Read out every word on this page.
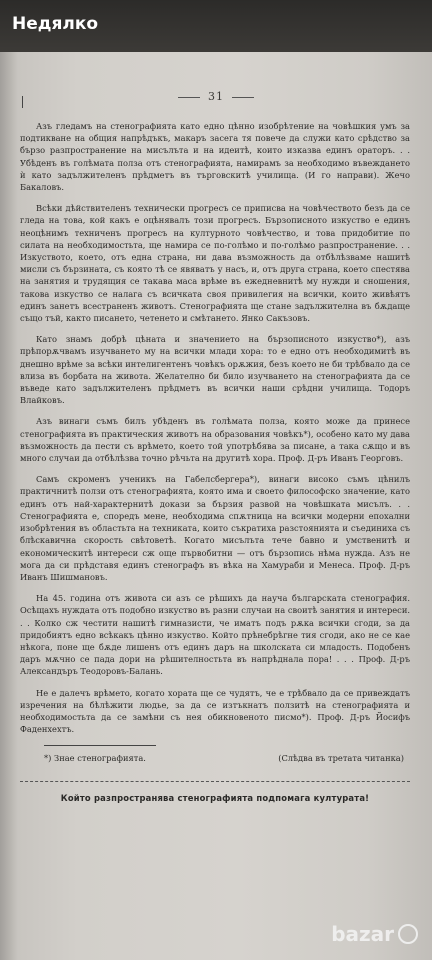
Недялко
31

Азъ гледамъ на стенографията като едно цѣнно изобрѣтение на човѣшкия умъ за подтикване на общия напрѣдъкъ, макаръ засега тя повече да служи като срѣдство за бързо разпространение на мисълъта и на идеитѣ, които изказва единъ ораторъ. . . Убѣденъ въ голѣмата полза отъ стенографията, намирамъ за необходимо въвеждането ѝ като задължителенъ прѣдметъ въ търговскитѣ училища. (И го направи). Жечо Бакаловъ.

Всѣки дѣйствителенъ технически прогресъ се приписва на човѣчеството безъ да се гледа на това, кой какъ е оцѣнявалъ този прогресъ. Бързописното изкуство е единъ неоцѣнимъ техниченъ прогресъ на културното човѣчество, и това придобитие по силата на необходимостьта, ще намира се по-голѣмо и по-голѣмо разпространение. . . Изкуството, което, отъ една страна, ни дава възможность да отбѣлѣзваме нашитѣ мисли съ бързината, съ която тѣ се явяватъ у насъ, и, отъ друга страна, което спестява на занятия и трудящия се такава маса врѣме въ ежедневнитѣ му нужди и сношения, такова изкуство се налага съ всичката своя привилегия на всички, които живѣятъ единъ занетъ всестраненъ животъ. Стенографията ще стане задължителна въ бѫдаще също тъй, както писането, четенето и смѣтането. Янко Сакъзовъ.

Като знамъ добрѣ цѣната и значението на бързописното изкуство*), азъ прѣпорѫчвамъ изучването му на всички млади хора: то е едно отъ необходимитѣ въ днешно врѣме за всѣки интелигентенъ човѣкъ орѫжия, безъ което не би трѣбвало да се влиза въ борбата на живота. Желателно би било изучването на стенографията да се въведе като задължителенъ прѣдметъ въ всички наши срѣдни училища. Тодоръ Влайковъ.

Азъ винаги съмъ билъ убѣденъ въ голѣмата полза, която може да принесе стенографията въ практическия животъ на образования човѣкъ*), особено като му дава възможность да пести съ врѣмето, което той употрѣбява за писане, а така сѫщо и въ много случаи да отбѣлѣзва точно рѣчьта на другитѣ хора. Проф. Д-ръ Иванъ Георговъ.

Самъ скроменъ ученикъ на Габелсбергера*), винаги високо съмъ цѣнилъ практичнитѣ ползи отъ стенографията, която има и своето философско значение, като единъ отъ най-характернитѣ докази за бързия развой на човѣшката мисълъ. . . Стенографията е, споредъ мене, необходима спѫтница на всички модерни епохални изобрѣтения въ областьта на техниката, които съкратиха разстоянията и съединиха съ блѣскавична скорость свѣтоветѣ. Когато мисълъта тече бавно и умственитѣ и економическитѣ интереси сж още първобитни — отъ бързопись нѣма нужда. Азъ не мога да си прѣдставя единъ стенографъ въ вѣка на Хамураби и Менеса. Проф. Д-ръ Иванъ Шишмановъ.

На 45. година отъ живота си азъ се рѣшихъ да науча българската стенография. Осѣщахъ нуждата отъ подобно изкуство въ разни случаи на своитѣ занятия и интереси. . . Колко сж честити нашитѣ гимназисти, че иматъ подъ рѫка всички сгоди, за да придобиятъ едно всѣкакъ цѣнно изкуство. Който прѣнебрѣгне тия сгоди, ако не се каe нѣкога, поне ще бѫде лишенъ отъ единъ даръ на школската си младость. Подобенъ даръ мѫчно се пада дори на рѣшителностьта въ напрѣднала пора! . . . Проф. Д-ръ Александъръ Теодоровъ-Балань.

Не е далечъ врѣмето, когато хората ще се чудятъ, че е трѣбвало да се привеждатъ изречения на бѣлѣжити людье, за да се изтъкнатъ ползитѣ на стенографията и необходимостьта да се замѣни съ нея обикновеното писмо*). Проф. Д-ръ Йосифъ Фаденхехтъ.

*) Знае стенографията.	(Слѣдва въ третата читанка)
Който разпространява стенографията подпомага културата!
bazar
